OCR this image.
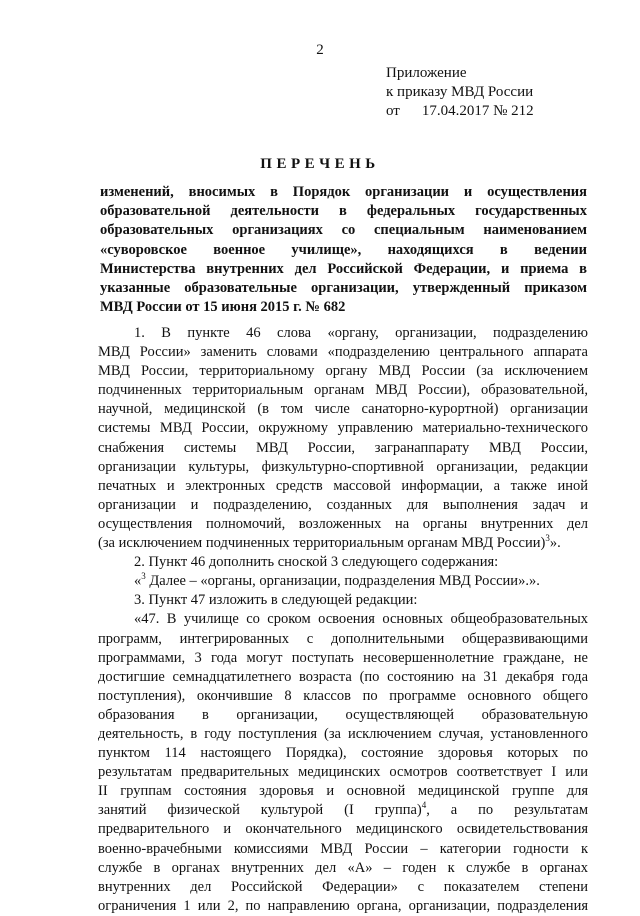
2
Приложение
к приказу МВД России
от 17.04.2017 № 212
ПЕРЕЧЕНЬ
изменений, вносимых в Порядок организации и осуществления
образовательной деятельности в федеральных государственных
образовательных организациях со специальным наименованием
«суворовское военное училище», находящихся в ведении
Министерства внутренних дел Российской Федерации, и приема в
указанные образовательные организации, утвержденный приказом
МВД России от 15 июня 2015 г. № 682
1. В пункте 46 слова «органу, организации, подразделению
МВД России» заменить словами «подразделению центрального аппарата
МВД России, территориальному органу МВД России (за исключением
подчиненных территориальным органам МВД России), образовательной,
научной, медицинской (в том числе санаторно-курортной) организации
системы МВД России, окружному управлению материально-технического
снабжения системы МВД России, загранаппарату МВД России,
организации культуры, физкультурно-спортивной организации, редакции
печатных и электронных средств массовой информации, а также иной
организации и подразделению, созданных для выполнения задач и
осуществления полномочий, возложенных на органы внутренних дел
(за исключением подчиненных территориальным органам МВД России)$^3$».
2. Пункт 46 дополнить сноской 3 следующего содержания:
«$^3$ Далее – «органы, организации, подразделения МВД России».».
3. Пункт 47 изложить в следующей редакции:
«47. В училище со сроком освоения основных общеобразовательных
программ, интегрированных с дополнительными общеразвивающими
программами, 3 года могут поступать несовершеннолетние граждане, не
достигшие семнадцатилетнего возраста (по состоянию на 31 декабря года
поступления), окончившие 8 классов по программе основного общего
образования в организации, осуществляющей образовательную
деятельность, в году поступления (за исключением случая, установленного
пунктом 114 настоящего Порядка), состояние здоровья которых по
результатам предварительных медицинских осмотров соответствует I или
II группам состояния здоровья и основной медицинской группе для
занятий физической культурой (I группа)$^4$, а по результатам
предварительного и окончательного медицинского освидетельствования
военно-врачебными комиссиями МВД России – категории годности к
службе в органах внутренних дел «А» – годен к службе в органах
внутренних дел Российской Федерации» с показателем степени
ограничения 1 или 2, по направлению органа, организации, подразделения
